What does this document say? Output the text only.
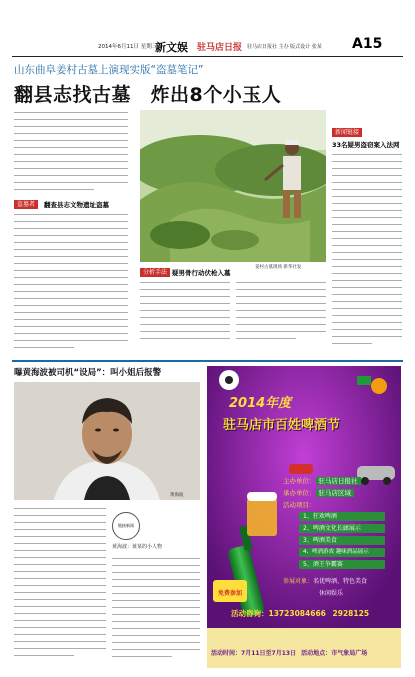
2014年6月11日 星期三
新文娱 驻马店日报 驻马店日报社 主办 版式设计 张某 A15
山东曲阜姜村古墓上演现实版“盗墓笔记”
翻县志找古墓　炸出8个小玉人
盗墓者	翻查县志文物遗址盗墓
姜村古墓现场 新华社发
新闻链接
33名疑男盗窃案入法网
分析手法 疑男骨行动伏枪入墓
曝黄海波被司机“设局”：叫小姐后报警
黄海波
链接新闻
黄海波：黄某的小人物
2014年度
驻马店市百姓啤酒节
主办单位： 驻马店日报社
承办单位： 驻马店区域
活动项目：
1、狂欢啤酒
2、啤酒文化长廊展示
3、啤酒美食
4、啤酒游戏 趣味酒品展示
5、酒王争霸赛
参展对象：名优啤酒、特色美食
休闲娱乐
免费参加
活动咨询：13723084666 2928125
活动时间：7月11日至7月13日 活动地点：市气象局广场
